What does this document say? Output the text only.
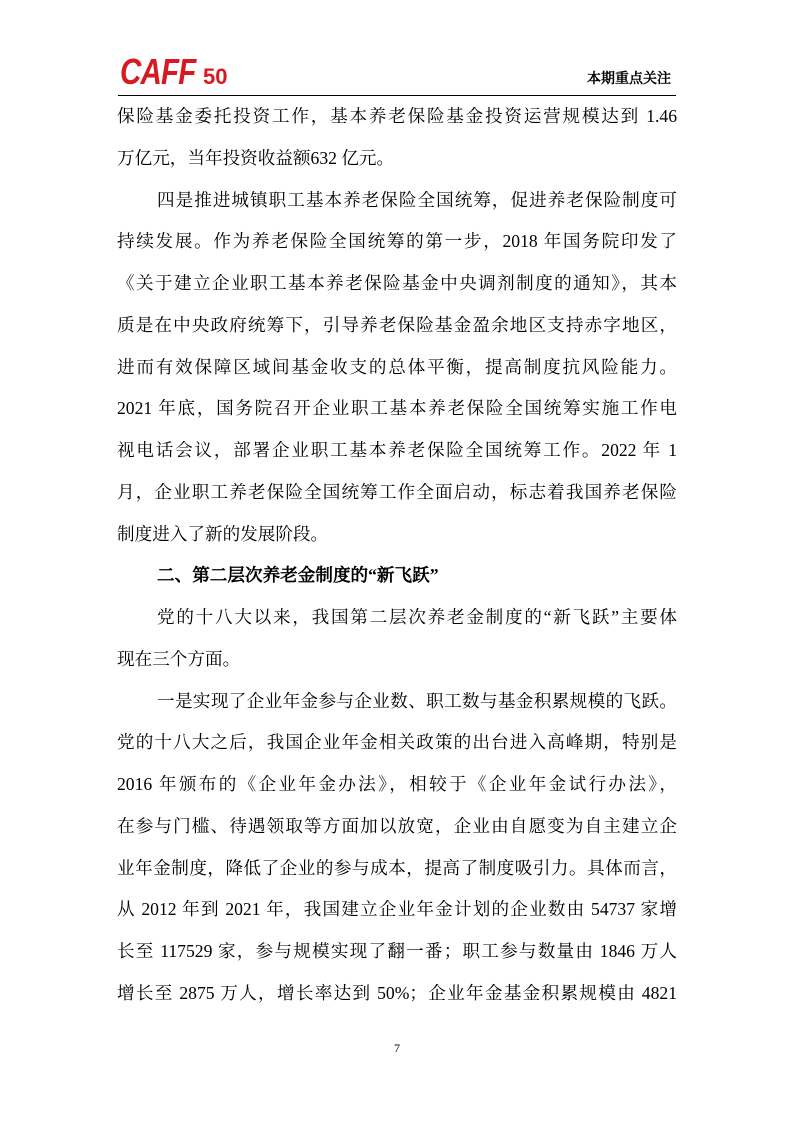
CAFF 50	本期重点关注
保险基金委托投资工作，基本养老保险基金投资运营规模达到 1.46
万亿元，当年投资收益额632 亿元。
四是推进城镇职工基本养老保险全国统筹，促进养老保险制度可
持续发展。作为养老保险全国统筹的第一步，2018 年国务院印发了
《关于建立企业职工基本养老保险基金中央调剂制度的通知》，其本
质是在中央政府统筹下，引导养老保险基金盈余地区支持赤字地区，
进而有效保障区域间基金收支的总体平衡，提高制度抗风险能力。
2021 年底，国务院召开企业职工基本养老保险全国统筹实施工作电
视电话会议，部署企业职工基本养老保险全国统筹工作。2022 年 1
月，企业职工养老保险全国统筹工作全面启动，标志着我国养老保险
制度进入了新的发展阶段。
二、第二层次养老金制度的“新飞跃”
党的十八大以来，我国第二层次养老金制度的“新飞跃”主要体
现在三个方面。
一是实现了企业年金参与企业数、职工数与基金积累规模的飞跃。
党的十八大之后，我国企业年金相关政策的出台进入高峰期，特别是
2016 年颁布的《企业年金办法》，相较于《企业年金试行办法》，
在参与门槛、待遇领取等方面加以放宽，企业由自愿变为自主建立企
业年金制度，降低了企业的参与成本，提高了制度吸引力。具体而言，
从 2012 年到 2021 年，我国建立企业年金计划的企业数由 54737 家增
长至 117529 家，参与规模实现了翻一番；职工参与数量由 1846 万人
增长至 2875 万人，增长率达到 50%；企业年金基金积累规模由 4821
7
